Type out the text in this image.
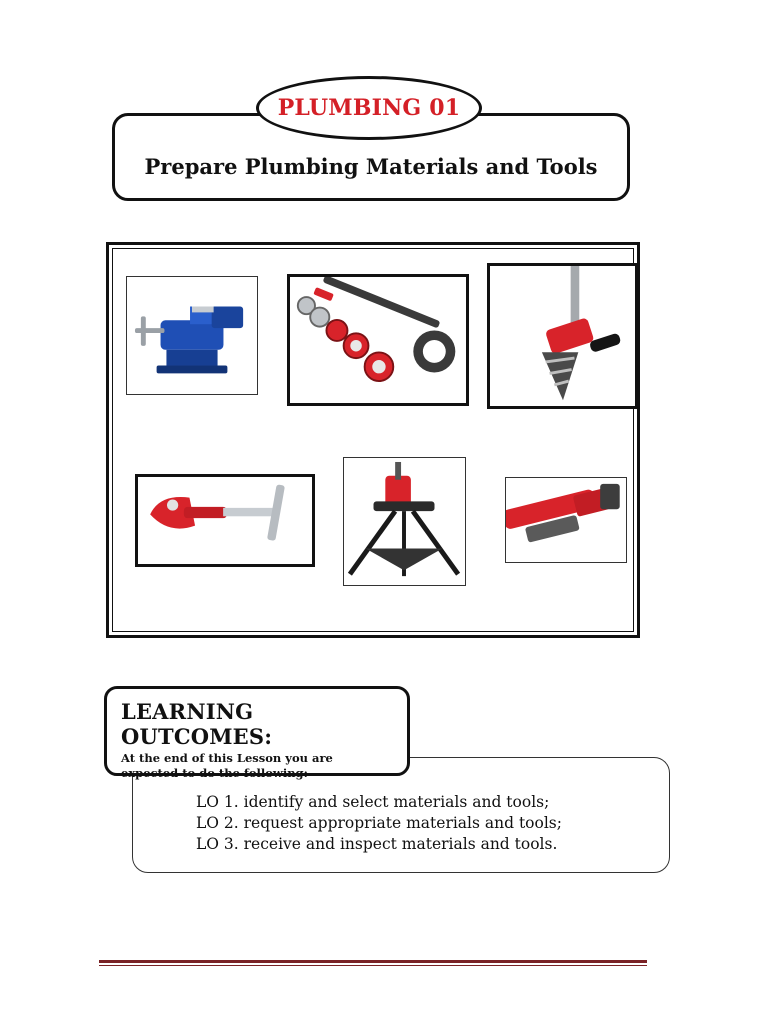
PLUMBING 01
Prepare Plumbing Materials and Tools
LEARNING OUTCOMES:
At the end of this Lesson you are expected to do the following:
LO 1. identify and select materials and tools;
LO 2. request appropriate materials and tools;
LO 3. receive and inspect materials and tools.
